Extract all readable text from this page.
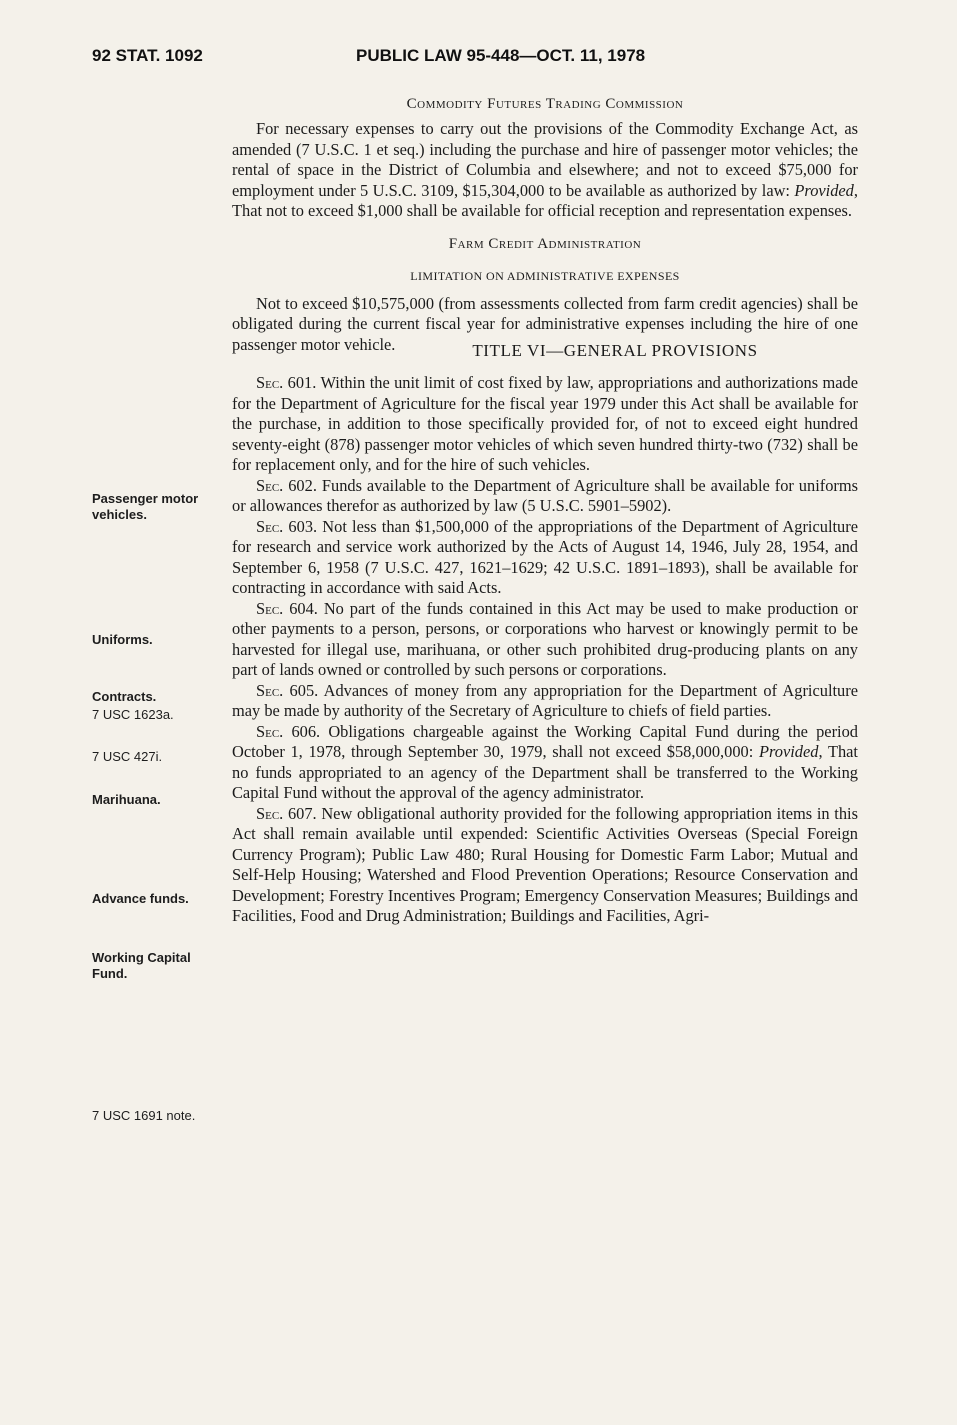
92 STAT. 1092	PUBLIC LAW 95-448—OCT. 11, 1978
Passenger motor vehicles.
Uniforms.
Contracts.
7 USC 1623a.
7 USC 427i.
Marihuana.
Advance funds.
Working Capital Fund.
7 USC 1691 note.

Commodity Futures Trading Commission

For necessary expenses to carry out the provisions of the Commodity Exchange Act, as amended (7 U.S.C. 1 et seq.) including the purchase and hire of passenger motor vehicles; the rental of space in the District of Columbia and elsewhere; and not to exceed $75,000 for employment under 5 U.S.C. 3109, $15,304,000 to be available as authorized by law: Provided, That not to exceed $1,000 shall be available for official reception and representation expenses.

Farm Credit Administration

LIMITATION ON ADMINISTRATIVE EXPENSES

Not to exceed $10,575,000 (from assessments collected from farm credit agencies) shall be obligated during the current fiscal year for administrative expenses including the hire of one passenger motor vehicle.	TITLE VI—GENERAL PROVISIONS

Sec. 601. Within the unit limit of cost fixed by law, appropriations and authorizations made for the Department of Agriculture for the fiscal year 1979 under this Act shall be available for the purchase, in addition to those specifically provided for, of not to exceed eight hundred seventy-eight (878) passenger motor vehicles of which seven hundred thirty-two (732) shall be for replacement only, and for the hire of such vehicles.

Sec. 602. Funds available to the Department of Agriculture shall be available for uniforms or allowances therefor as authorized by law (5 U.S.C. 5901–5902).

Sec. 603. Not less than $1,500,000 of the appropriations of the Department of Agriculture for research and service work authorized by the Acts of August 14, 1946, July 28, 1954, and September 6, 1958 (7 U.S.C. 427, 1621–1629; 42 U.S.C. 1891–1893), shall be available for contracting in accordance with said Acts.

Sec. 604. No part of the funds contained in this Act may be used to make production or other payments to a person, persons, or corporations who harvest or knowingly permit to be harvested for illegal use, marihuana, or other such prohibited drug-producing plants on any part of lands owned or controlled by such persons or corporations.

Sec. 605. Advances of money from any appropriation for the Department of Agriculture may be made by authority of the Secretary of Agriculture to chiefs of field parties.

Sec. 606. Obligations chargeable against the Working Capital Fund during the period October 1, 1978, through September 30, 1979, shall not exceed $58,000,000: Provided, That no funds appropriated to an agency of the Department shall be transferred to the Working Capital Fund without the approval of the agency administrator.

Sec. 607. New obligational authority provided for the following appropriation items in this Act shall remain available until expended: Scientific Activities Overseas (Special Foreign Currency Program); Public Law 480; Rural Housing for Domestic Farm Labor; Mutual and Self-Help Housing; Watershed and Flood Prevention Operations; Resource Conservation and Development; Forestry Incentives Program; Emergency Conservation Measures; Buildings and Facilities, Food and Drug Administration; Buildings and Facilities, Agri-
